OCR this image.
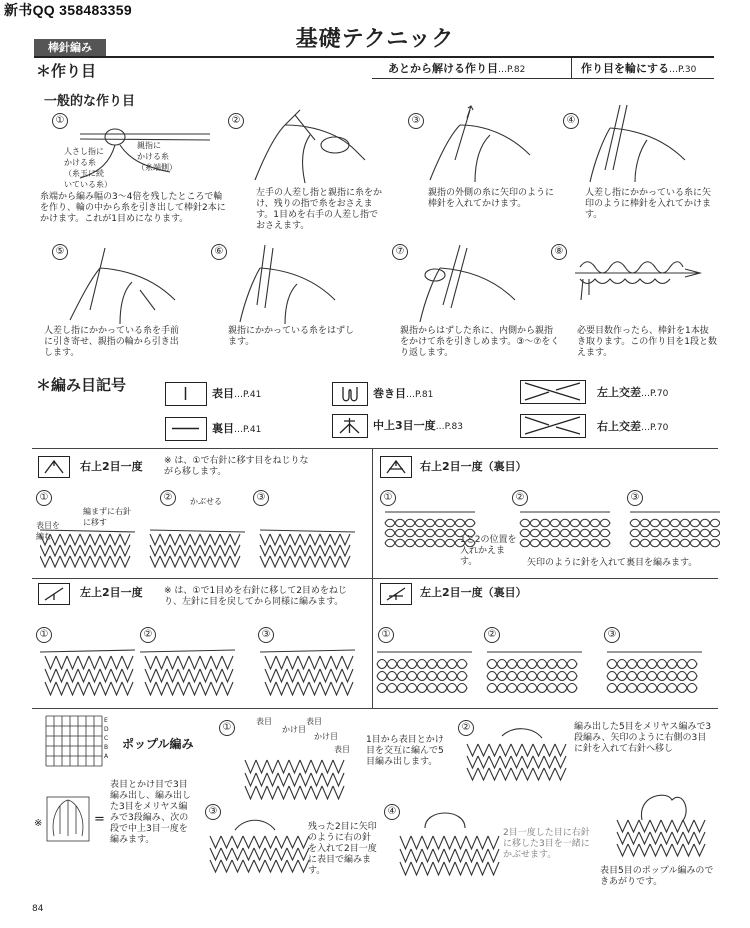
新书QQ 358483359
基礎テクニック
棒針編み
あとから解ける作り目…P.82	作り目を輪にする…P.30
＊作り目
一般的な作り目
①
人さし指に
かける糸
（糸玉に続
いている糸）
親指に
かける糸
（糸端側）
糸端から編み幅の3〜4倍を残したところで輪を作り、輪の中から糸を引き出して棒針2本にかけます。これが1目めになります。
②
左手の人差し指と親指に糸をかけ、残りの指で糸をおさえます。1目めを右手の人差し指でおさえます。
③
親指の外側の糸に矢印のように棒針を入れてかけます。
④
人差し指にかかっている糸に矢印のように棒針を入れてかけます。
⑤
人差し指にかかっている糸を手前に引き寄せ、親指の輪から引き出します。
⑥
親指にかかっている糸をはずします。
⑦
親指からはずした糸に、内側から親指をかけて糸を引きしめます。③〜⑦をくり返します。
⑧
必要目数作ったら、棒針を1本抜き取ります。この作り目を1段と数えます。
＊編み目記号	表目…P.41
裏目…P.41
巻き目…P.81
中上3目一度…P.83
左上交差…P.70
右上交差…P.70
右上2目一度 ※ は、①で右針に移す目をねじりながら移します。
①	②	③
編まずに右針に移す
表目を編む
かぶせる
右上2目一度（裏目）
①	②	③
1と2の位置を入れかえます。	矢印のように針を入れて裏目を編みます。
左上2目一度 ※ は、①で1目めを右針に移して2目めをねじり、左針に目を戻してから同様に編みます。
①	②	③
左上2目一度（裏目）
①	②	③
E
D
C
B
A
ポップル編み
※	=
表目とかけ目で3目編み出し、編み出した3目をメリヤス編みで3段編み、次の段で中上3目一度を編みます。
①
表目
かけ目
表目
かけ目
表目
1目から表目とかけ目を交互に編んで5目編み出します。
②	編み出した5目をメリヤス編みで3段編み、矢印のように右側の3目に針を入れて右針へ移し
③
残った2目に矢印のように右の針を入れて2目一度に表目で編みます。
④
2目一度した目に右針に移した3目を一緒にかぶせます。
表目5目のポップル編みのできあがりです。
84
